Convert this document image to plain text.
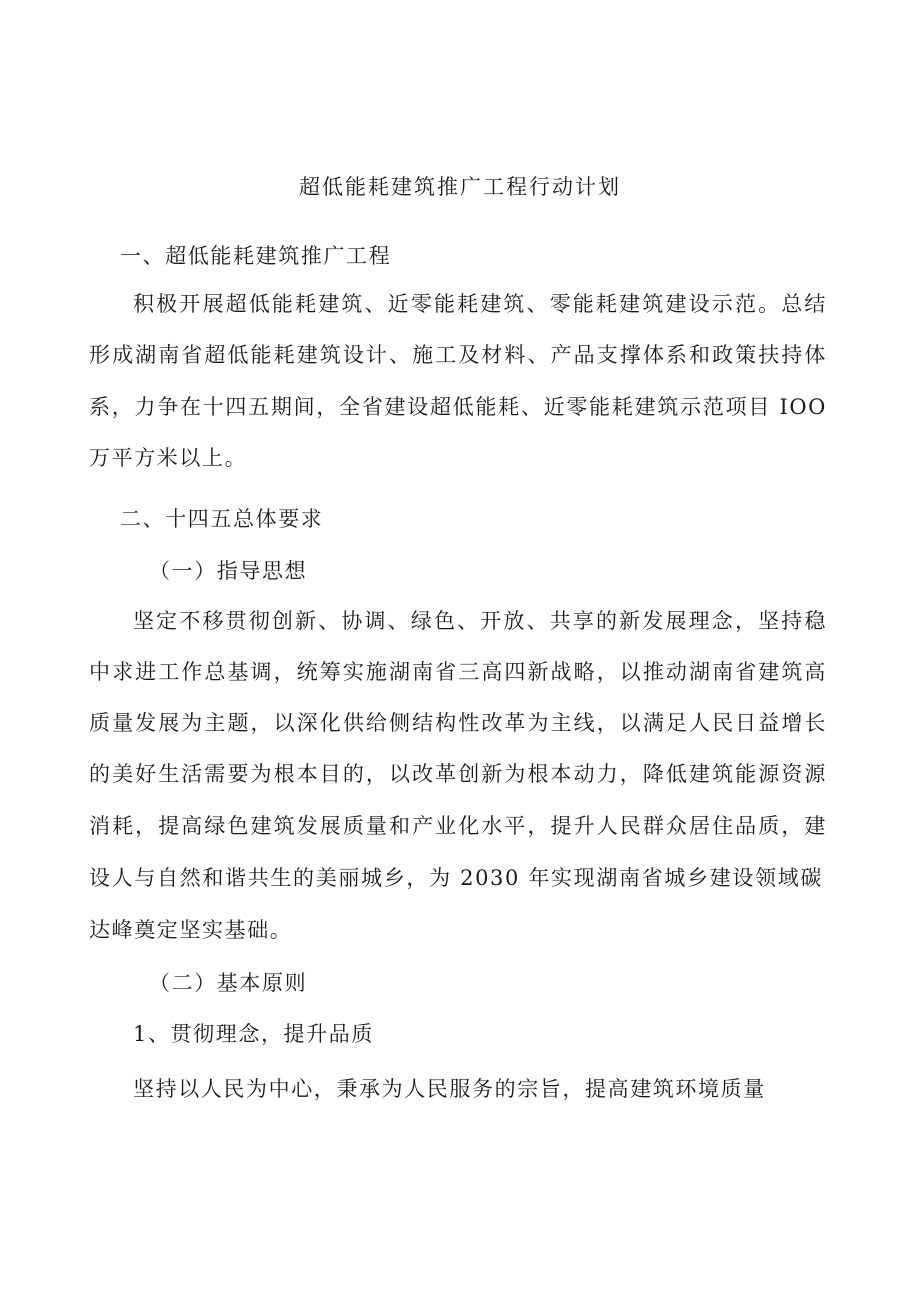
超低能耗建筑推广工程行动计划
一、超低能耗建筑推广工程
积极开展超低能耗建筑、近零能耗建筑、零能耗建筑建设示范。总结
形成湖南省超低能耗建筑设计、施工及材料、产品支撑体系和政策扶持体
系，力争在十四五期间，全省建设超低能耗、近零能耗建筑示范项目 IOO
万平方米以上。
二、十四五总体要求
（一）指导思想
坚定不移贯彻创新、协调、绿色、开放、共享的新发展理念，坚持稳
中求进工作总基调，统筹实施湖南省三高四新战略，以推动湖南省建筑高
质量发展为主题，以深化供给侧结构性改革为主线，以满足人民日益增长
的美好生活需要为根本目的，以改革创新为根本动力，降低建筑能源资源
消耗，提高绿色建筑发展质量和产业化水平，提升人民群众居住品质，建
设人与自然和谐共生的美丽城乡，为 2030 年实现湖南省城乡建设领域碳
达峰奠定坚实基础。
（二）基本原则
1、贯彻理念，提升品质
坚持以人民为中心，秉承为人民服务的宗旨，提高建筑环境质量
